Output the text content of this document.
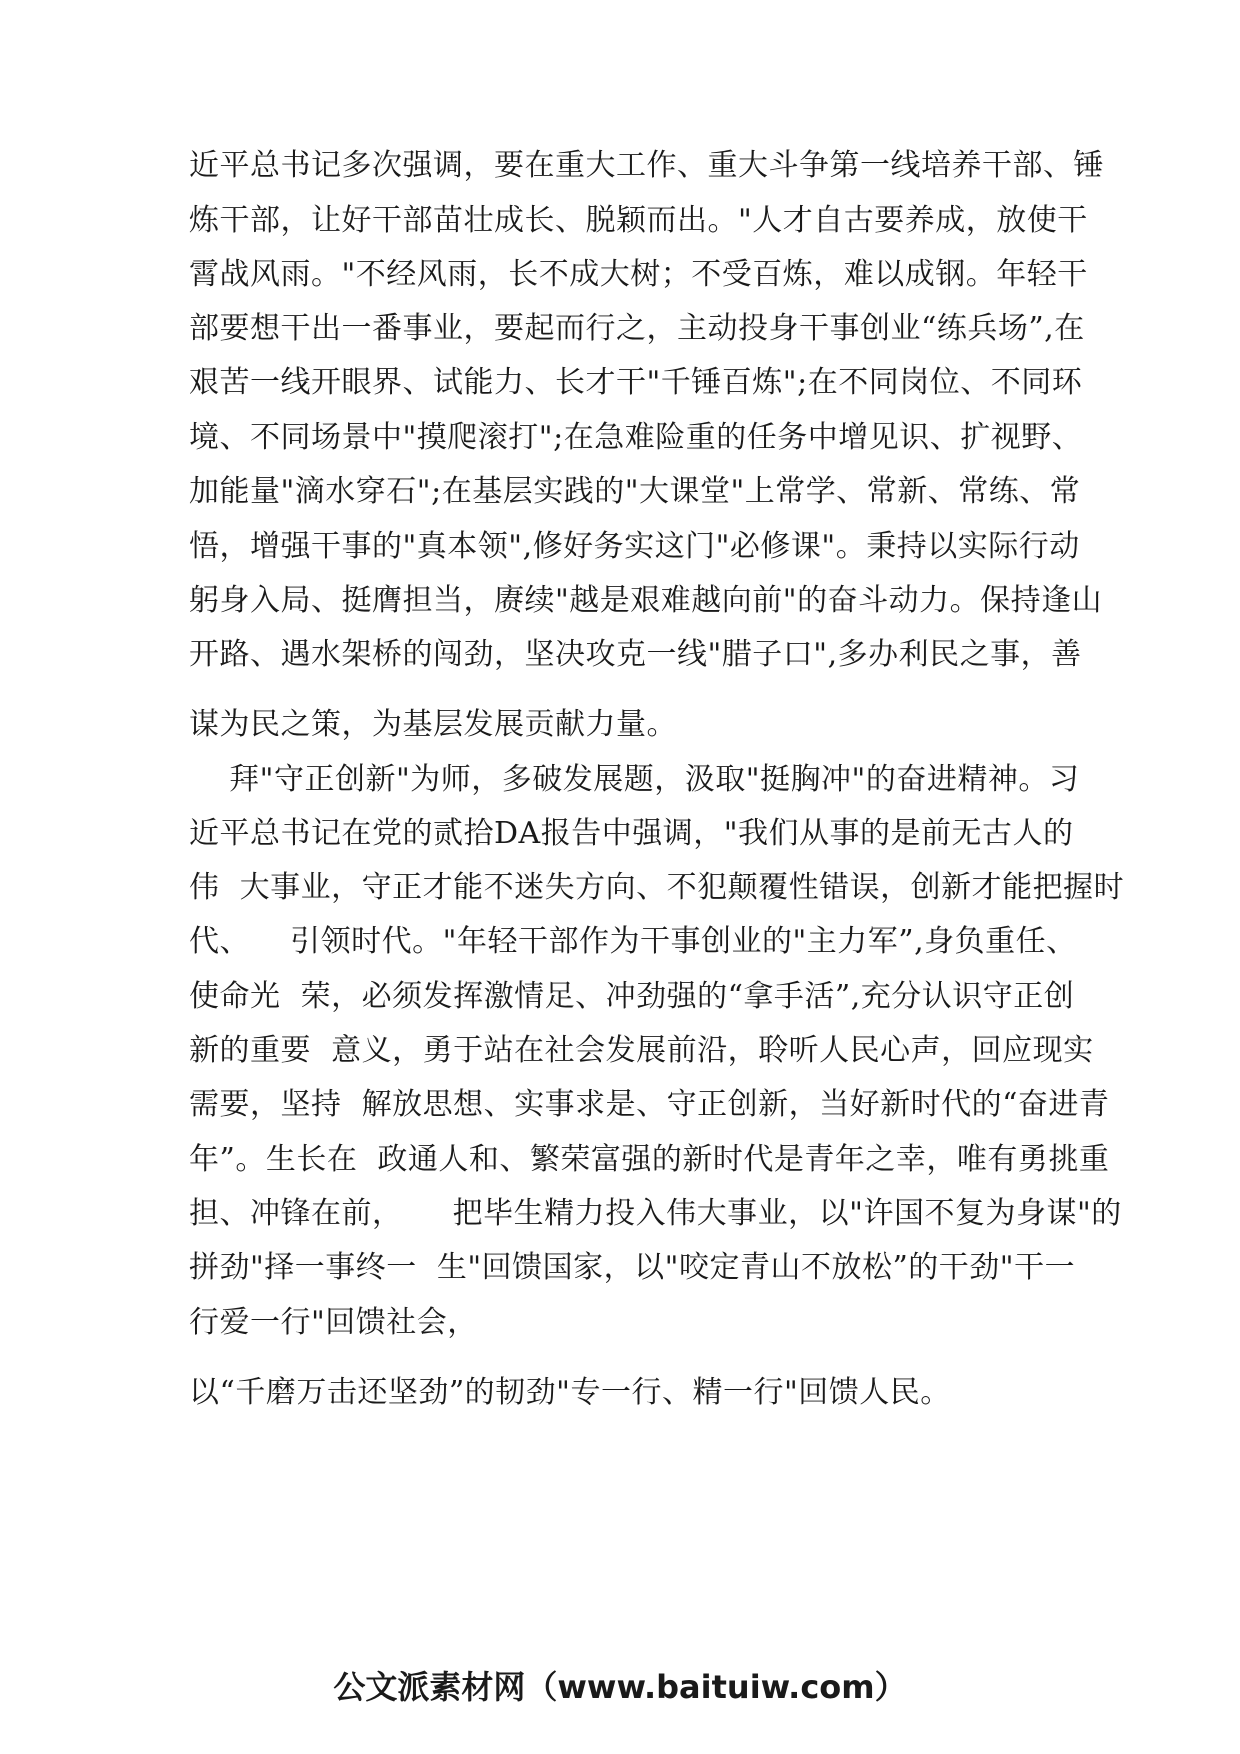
近平总书记多次强调，要在重大工作、重大斗争第一线培养干部、锤
炼干部，让好干部苗壮成长、脱颖而出。"人才自古要养成，放使干
霄战风雨。"不经风雨，长不成大树；不受百炼，难以成钢。年轻干
部要想干出一番事业，要起而行之，主动投身干事创业“练兵场”,在
艰苦一线开眼界、试能力、长才干"千锤百炼";在不同岗位、不同环
境、不同场景中"摸爬滚打";在急难险重的任务中增见识、扩视野、
加能量"滴水穿石";在基层实践的"大课堂"上常学、常新、常练、常
悟，增强干事的"真本领",修好务实这门"必修课"。秉持以实际行动
躬身入局、挺膺担当，赓续"越是艰难越向前"的奋斗动力。保持逢山
开路、遇水架桥的闯劲，坚决攻克一线"腊子口",多办利民之事，善
谋为民之策，为基层发展贡献力量。
拜"守正创新"为师，多破发展题，汲取"挺胸冲"的奋进精神。习
近平总书记在党的贰拾DA报告中强调，"我们从事的是前无古人的
伟  大事业，守正才能不迷失方向、不犯颠覆性错误，创新才能把握时
代、    引领时代。"年轻干部作为干事创业的"主力军”,身负重任、
使命光  荣，必须发挥激情足、冲劲强的“拿手活”,充分认识守正创
新的重要  意义，勇于站在社会发展前沿，聆听人民心声，回应现实
需要，坚持  解放思想、实事求是、守正创新，当好新时代的“奋进青
年”。生长在  政通人和、繁荣富强的新时代是青年之幸，唯有勇挑重
担、冲锋在前，     把毕生精力投入伟大事业，以"许国不复为身谋"的
拼劲"择一事终一  生"回馈国家，以"咬定青山不放松”的干劲"干一
行爱一行"回馈社会，
以“千磨万击还坚劲”的韧劲"专一行、精一行"回馈人民。
公文派素材网（www.baituiw.com）
